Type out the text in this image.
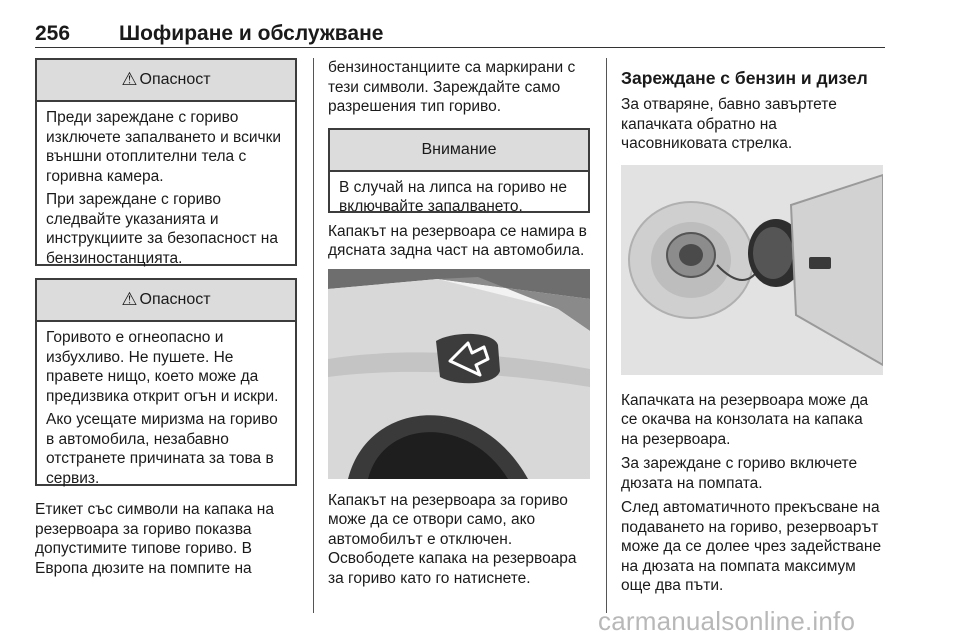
256 Шофиране и обслужване
⚠ Опасност

Преди зареждане с гориво изключете запалването и всички външни отоплителни тела с горивна камера.

При зареждане с гориво следвайте указанията и инструкциите за безопасност на бензиностанцията.

⚠ Опасност

Горивото е огнеопасно и избухливо. Не пушете. Не правете нищо, което може да предизвика открит огън и искри.

Ако усещате миризма на гориво в автомобила, незабавно отстранете причината за това в сервиз.

Етикет със символи на капака на резервоара за гориво показва допустимите типове гориво. В Европа дюзите на помпите на

бензиностанциите са маркирани с тези символи. Зареждайте само разрешения тип гориво.

Внимание

В случай на липса на гориво не включвайте запалването.

Капакът на резервоара се намира в дясната задна част на автомобила.

Капакът на резервоара за гориво може да се отвори само, ако автомобилът е отключен. Освободете капака на резервоара за гориво като го натиснете.

Зареждане с бензин и дизел

За отваряне, бавно завъртете капачката обратно на часовниковата стрелка.

Капачката на резервоара може да се окачва на конзолата на капака на резервоара.

За зареждане с гориво включете дюзата на помпата.

След автоматичното прекъсване на подаването на гориво, резервоарът може да се долее чрез задействане на дюзата на помпата максимум още два пъти.

carmanualsonline.info
